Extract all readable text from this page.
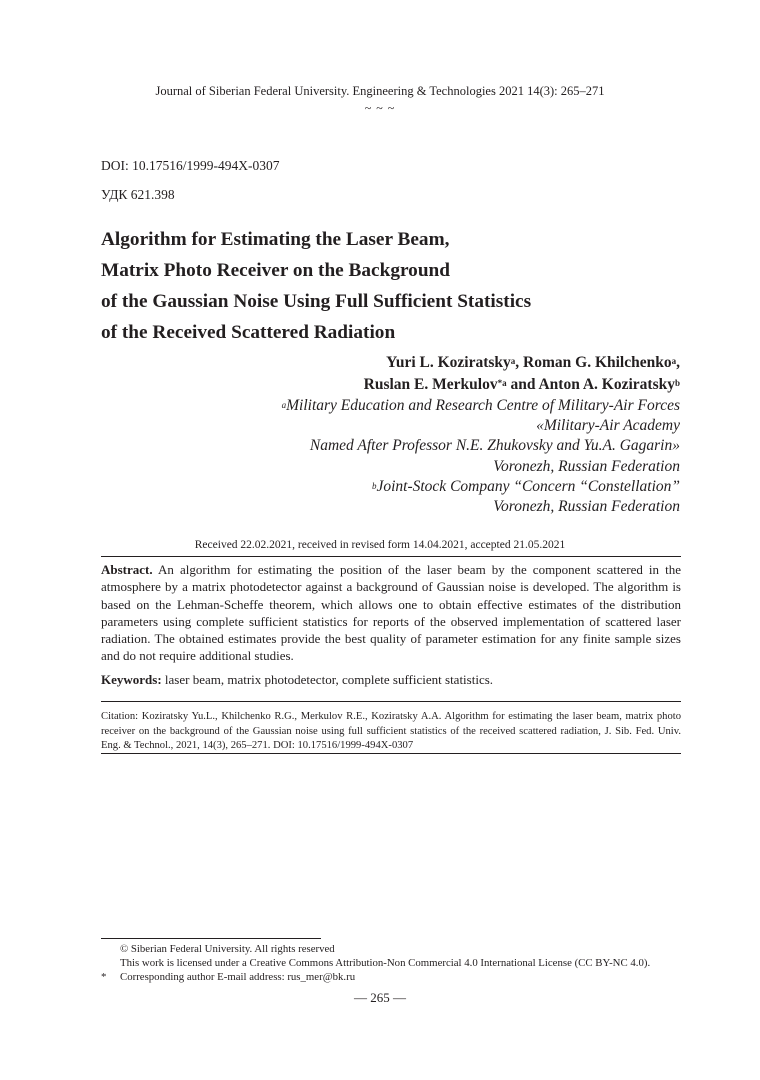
Journal of Siberian Federal University. Engineering & Technologies 2021 14(3): 265–271
~ ~ ~
DOI: 10.17516/1999-494X-0307
УДК 621.398
Algorithm for Estimating the Laser Beam,
Matrix Photo Receiver on the Background
of the Gaussian Noise Using Full Sufficient Statistics
of the Received Scattered Radiation
Yuri L. Koziratsky$^a$, Roman G. Khilchenko$^a$,
Ruslan E. Merkulov$^{*a}$ and Anton A. Koziratsky$^b$
$^a$Military Education and Research Centre of Military-Air Forces
«Military-Air Academy
Named After Professor N.E. Zhukovsky and Yu.A. Gagarin»
Voronezh, Russian Federation
$^b$Joint-Stock Company “Concern “Constellation”
Voronezh, Russian Federation
Received 22.02.2021, received in revised form 14.04.2021, accepted 21.05.2021
Abstract. An algorithm for estimating the position of the laser beam by the component scattered in the atmosphere by a matrix photodetector against a background of Gaussian noise is developed. The algorithm is based on the Lehman-Scheffe theorem, which allows one to obtain effective estimates of the distribution parameters using complete sufficient statistics for reports of the observed implementation of scattered laser radiation. The obtained estimates provide the best quality of parameter estimation for any finite sample sizes and do not require additional studies.
Keywords: laser beam, matrix photodetector, complete sufficient statistics.
Citation: Koziratsky Yu.L., Khilchenko R.G., Merkulov R.E., Koziratsky A.A. Algorithm for estimating the laser beam, matrix photo receiver on the background of the Gaussian noise using full sufficient statistics of the received scattered radiation, J. Sib. Fed. Univ. Eng. & Technol., 2021, 14(3), 265–271. DOI: 10.17516/1999-494X-0307
© Siberian Federal University. All rights reserved
This work is licensed under a Creative Commons Attribution-Non Commercial 4.0 International License (CC BY-NC 4.0).
* Corresponding author E-mail address: rus_mer@bk.ru
— 265 —
